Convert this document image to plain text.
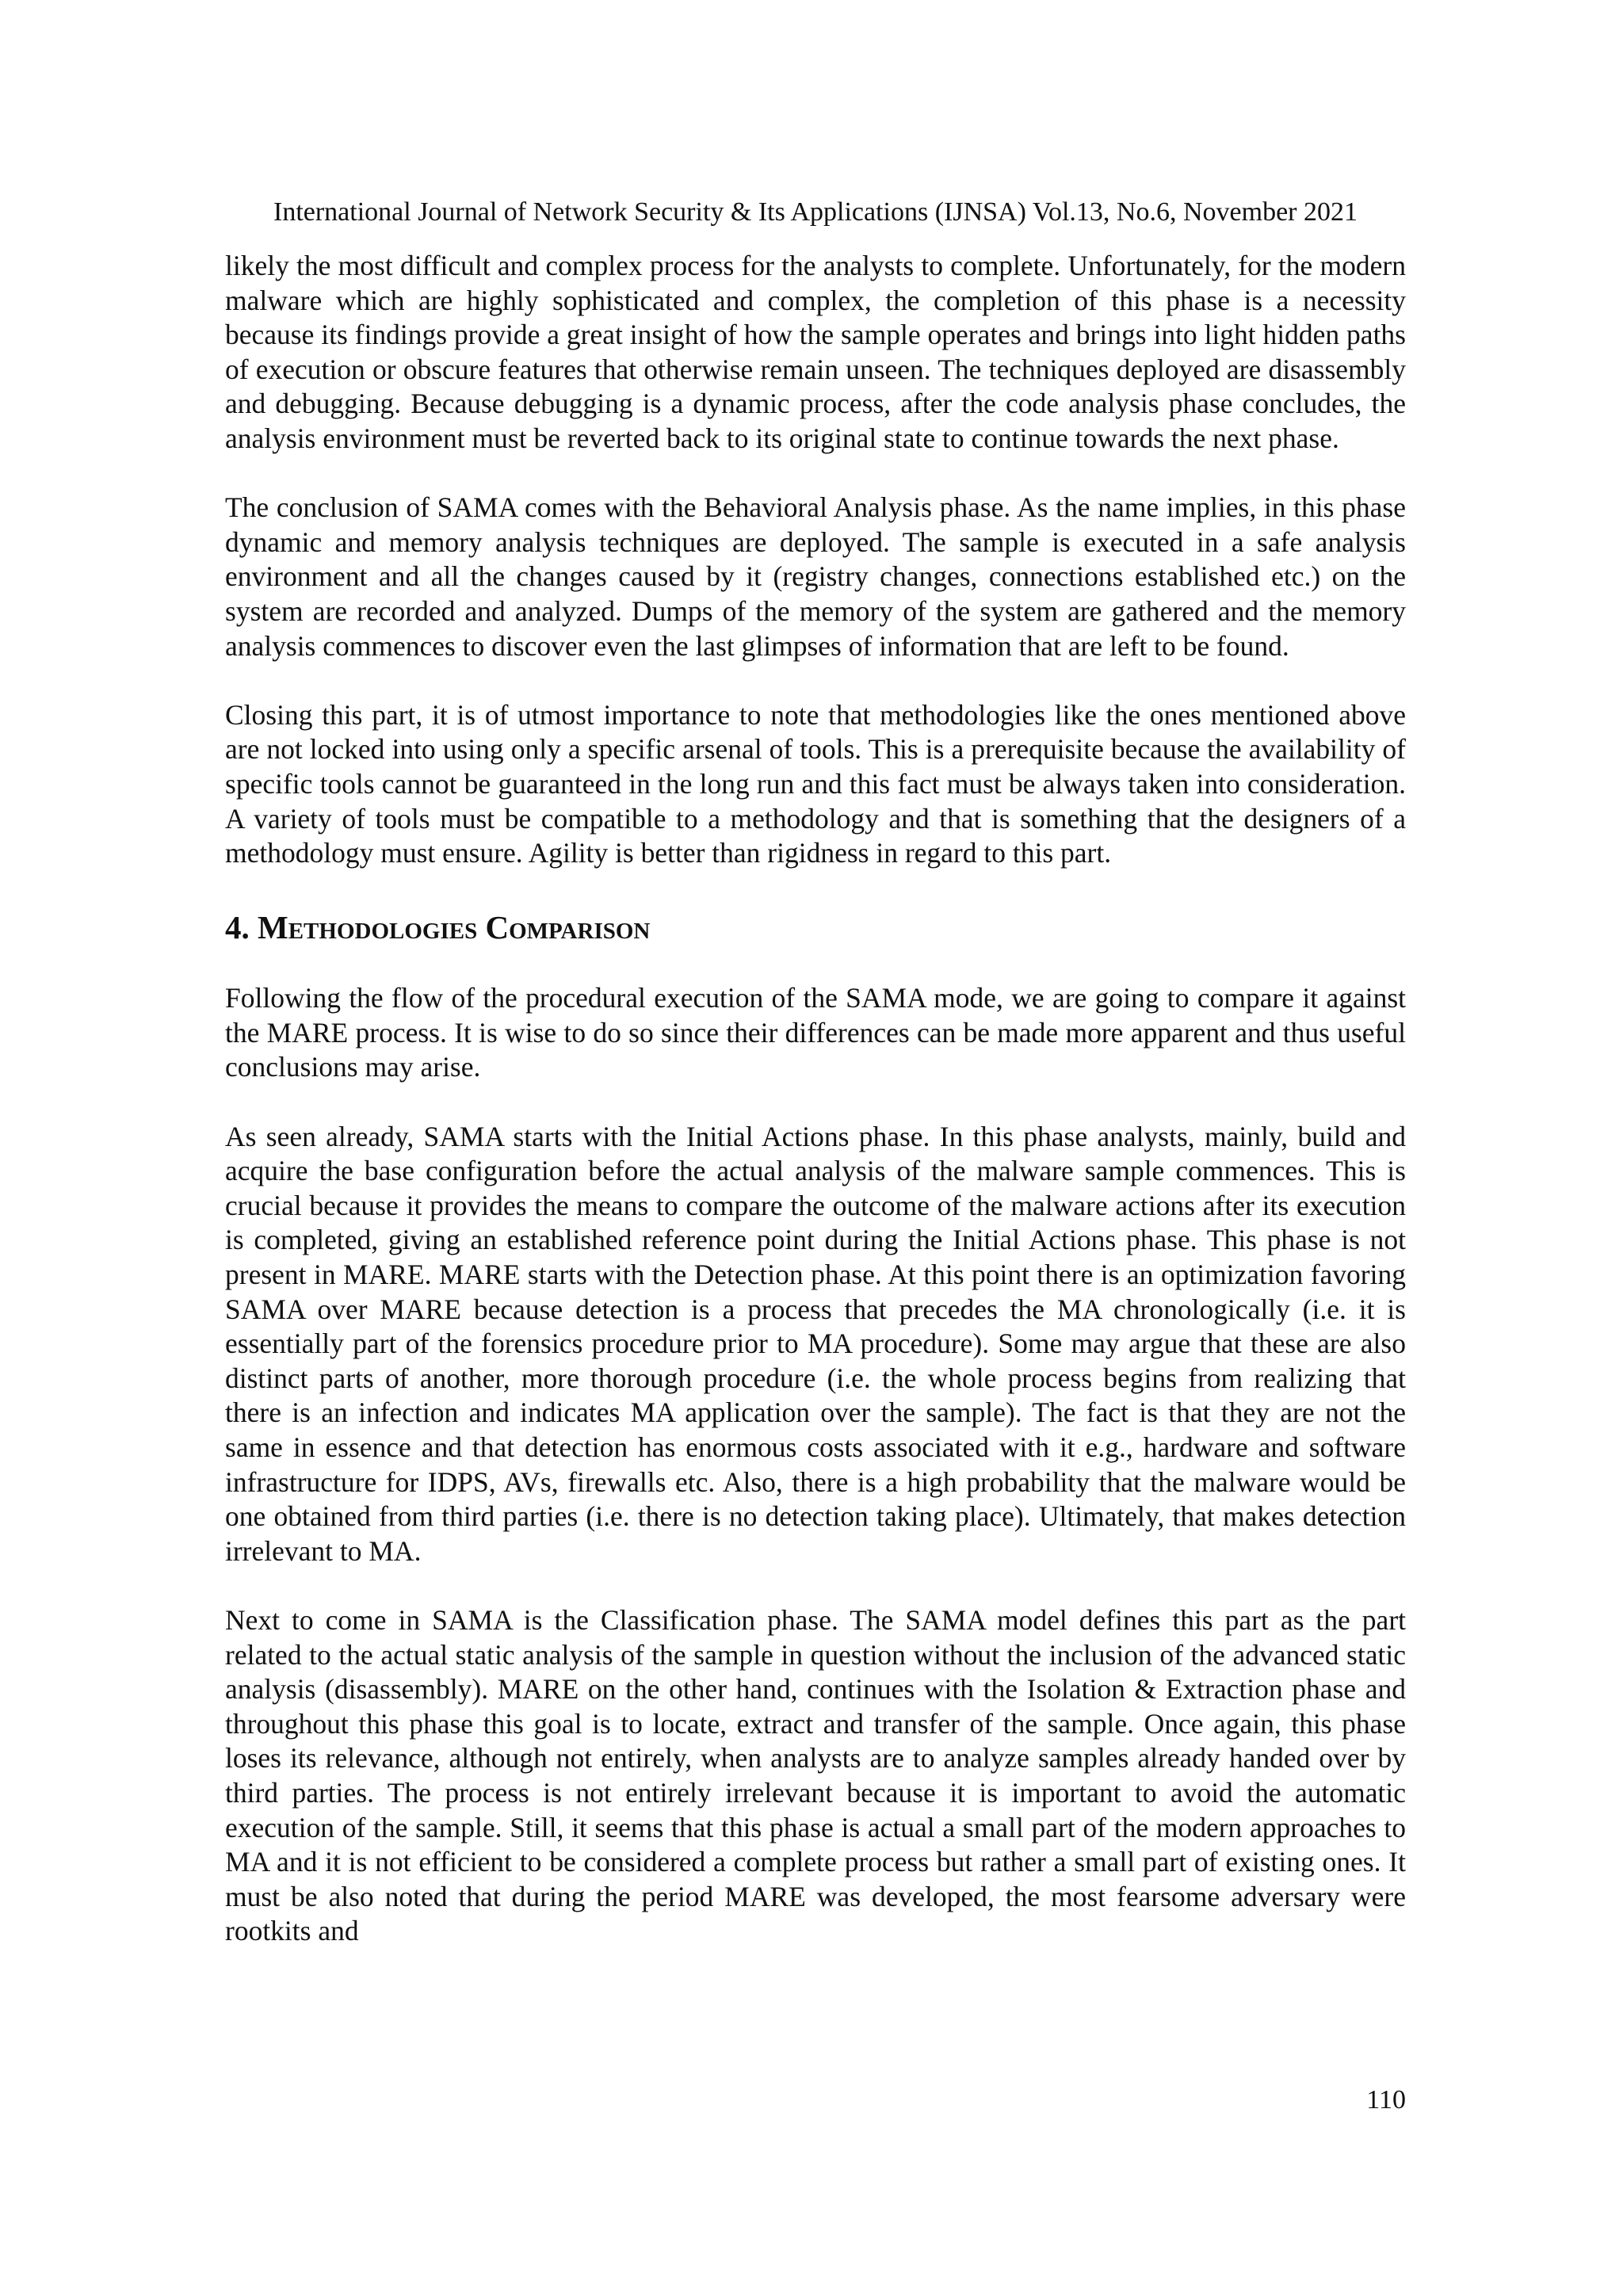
International Journal of Network Security & Its Applications (IJNSA) Vol.13, No.6, November 2021

likely the most difficult and complex process for the analysts to complete. Unfortunately, for the modern malware which are highly sophisticated and complex, the completion of this phase is a necessity because its findings provide a great insight of how the sample operates and brings into light hidden paths of execution or obscure features that otherwise remain unseen. The techniques deployed are disassembly and debugging. Because debugging is a dynamic process, after the code analysis phase concludes, the analysis environment must be reverted back to its original state to continue towards the next phase.

The conclusion of SAMA comes with the Behavioral Analysis phase. As the name implies, in this phase dynamic and memory analysis techniques are deployed. The sample is executed in a safe analysis environment and all the changes caused by it (registry changes, connections established etc.) on the system are recorded and analyzed. Dumps of the memory of the system are gathered and the memory analysis commences to discover even the last glimpses of information that are left to be found.

Closing this part, it is of utmost importance to note that methodologies like the ones mentioned above are not locked into using only a specific arsenal of tools. This is a prerequisite because the availability of specific tools cannot be guaranteed in the long run and this fact must be always taken into consideration. A variety of tools must be compatible to a methodology and that is something that the designers of a methodology must ensure. Agility is better than rigidness in regard to this part.

4. Methodologies Comparison

Following the flow of the procedural execution of the SAMA mode, we are going to compare it against the MARE process. It is wise to do so since their differences can be made more apparent and thus useful conclusions may arise.

As seen already, SAMA starts with the Initial Actions phase. In this phase analysts, mainly, build and acquire the base configuration before the actual analysis of the malware sample commences. This is crucial because it provides the means to compare the outcome of the malware actions after its execution is completed, giving an established reference point during the Initial Actions phase. This phase is not present in MARE. MARE starts with the Detection phase. At this point there is an optimization favoring SAMA over MARE because detection is a process that precedes the MA chronologically (i.e. it is essentially part of the forensics procedure prior to MA procedure). Some may argue that these are also distinct parts of another, more thorough procedure (i.e. the whole process begins from realizing that there is an infection and indicates MA application over the sample). The fact is that they are not the same in essence and that detection has enormous costs associated with it e.g., hardware and software infrastructure for IDPS, AVs, firewalls etc. Also, there is a high probability that the malware would be one obtained from third parties (i.e. there is no detection taking place). Ultimately, that makes detection irrelevant to MA.

Next to come in SAMA is the Classification phase. The SAMA model defines this part as the part related to the actual static analysis of the sample in question without the inclusion of the advanced static analysis (disassembly). MARE on the other hand, continues with the Isolation & Extraction phase and throughout this phase this goal is to locate, extract and transfer of the sample. Once again, this phase loses its relevance, although not entirely, when analysts are to analyze samples already handed over by third parties. The process is not entirely irrelevant because it is important to avoid the automatic execution of the sample. Still, it seems that this phase is actual a small part of the modern approaches to MA and it is not efficient to be considered a complete process but rather a small part of existing ones. It must be also noted that during the period MARE was developed, the most fearsome adversary were rootkits and

110
